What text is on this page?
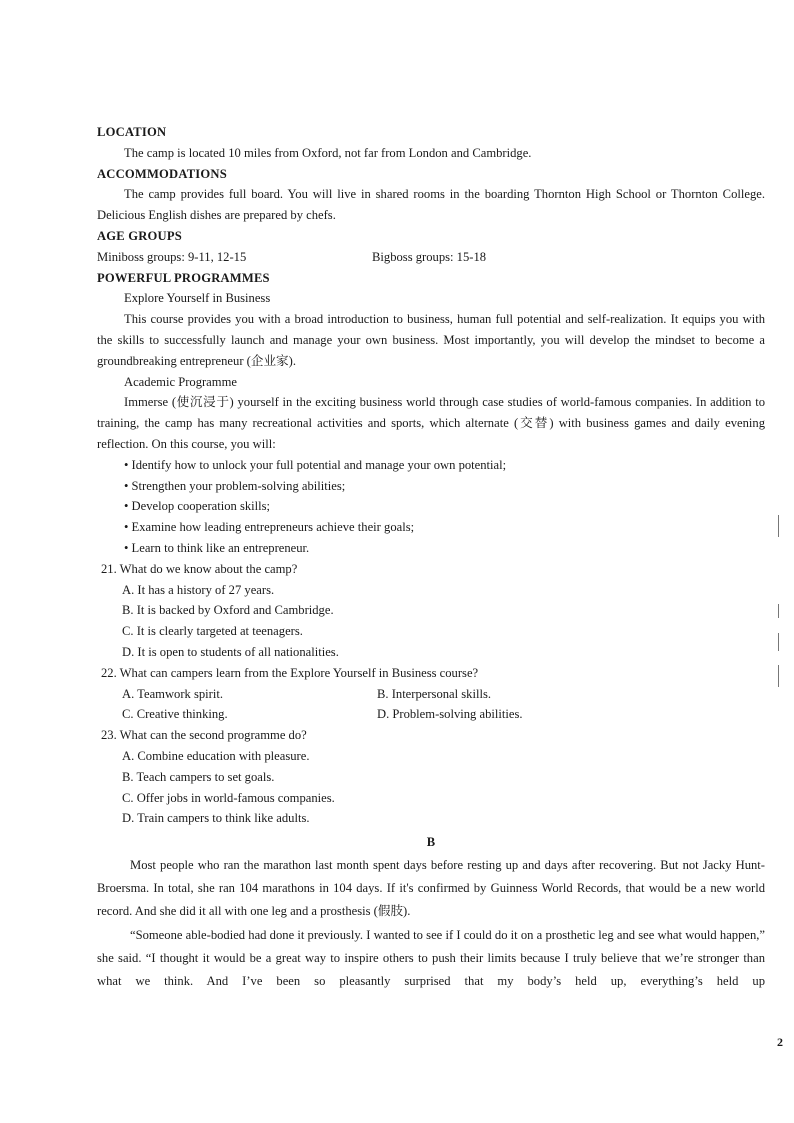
LOCATION
The camp is located 10 miles from Oxford, not far from London and Cambridge.
ACCOMMODATIONS
The camp provides full board. You will live in shared rooms in the boarding Thornton High School or Thornton College. Delicious English dishes are prepared by chefs.
AGE GROUPS
Miniboss groups: 9-11, 12-15	Bigboss groups: 15-18
POWERFUL PROGRAMMES
Explore Yourself in Business
This course provides you with a broad introduction to business, human full potential and self-realization. It equips you with the skills to successfully launch and manage your own business. Most importantly, you will develop the mindset to become a groundbreaking entrepreneur (企业家).
Academic Programme
Immerse (使沉浸于) yourself in the exciting business world through case studies of world-famous companies. In addition to training, the camp has many recreational activities and sports, which alternate (交替) with business games and daily evening reflection. On this course, you will:
• Identify how to unlock your full potential and manage your own potential;
• Strengthen your problem-solving abilities;
• Develop cooperation skills;
• Examine how leading entrepreneurs achieve their goals;
• Learn to think like an entrepreneur.
21. What do we know about the camp?
A. It has a history of 27 years.
B. It is backed by Oxford and Cambridge.
C. It is clearly targeted at teenagers.
D. It is open to students of all nationalities.
22. What can campers learn from the Explore Yourself in Business course?
A. Teamwork spirit.	B. Interpersonal skills.
C. Creative thinking.	D. Problem-solving abilities.
23. What can the second programme do?
A. Combine education with pleasure.
B. Teach campers to set goals.
C. Offer jobs in world-famous companies.
D. Train campers to think like adults.
B
Most people who ran the marathon last month spent days before resting up and days after recovering. But not Jacky Hunt-Broersma. In total, she ran 104 marathons in 104 days. If it's confirmed by Guinness World Records, that would be a new world record. And she did it all with one leg and a prosthesis (假肢).
“Someone able-bodied had done it previously. I wanted to see if I could do it on a prosthetic leg and see what would happen,” she said. “I thought it would be a great way to inspire others to push their limits because I truly believe that we’re stronger than what we think. And I’ve been so pleasantly surprised that my body’s held up, everything’s held up
2
